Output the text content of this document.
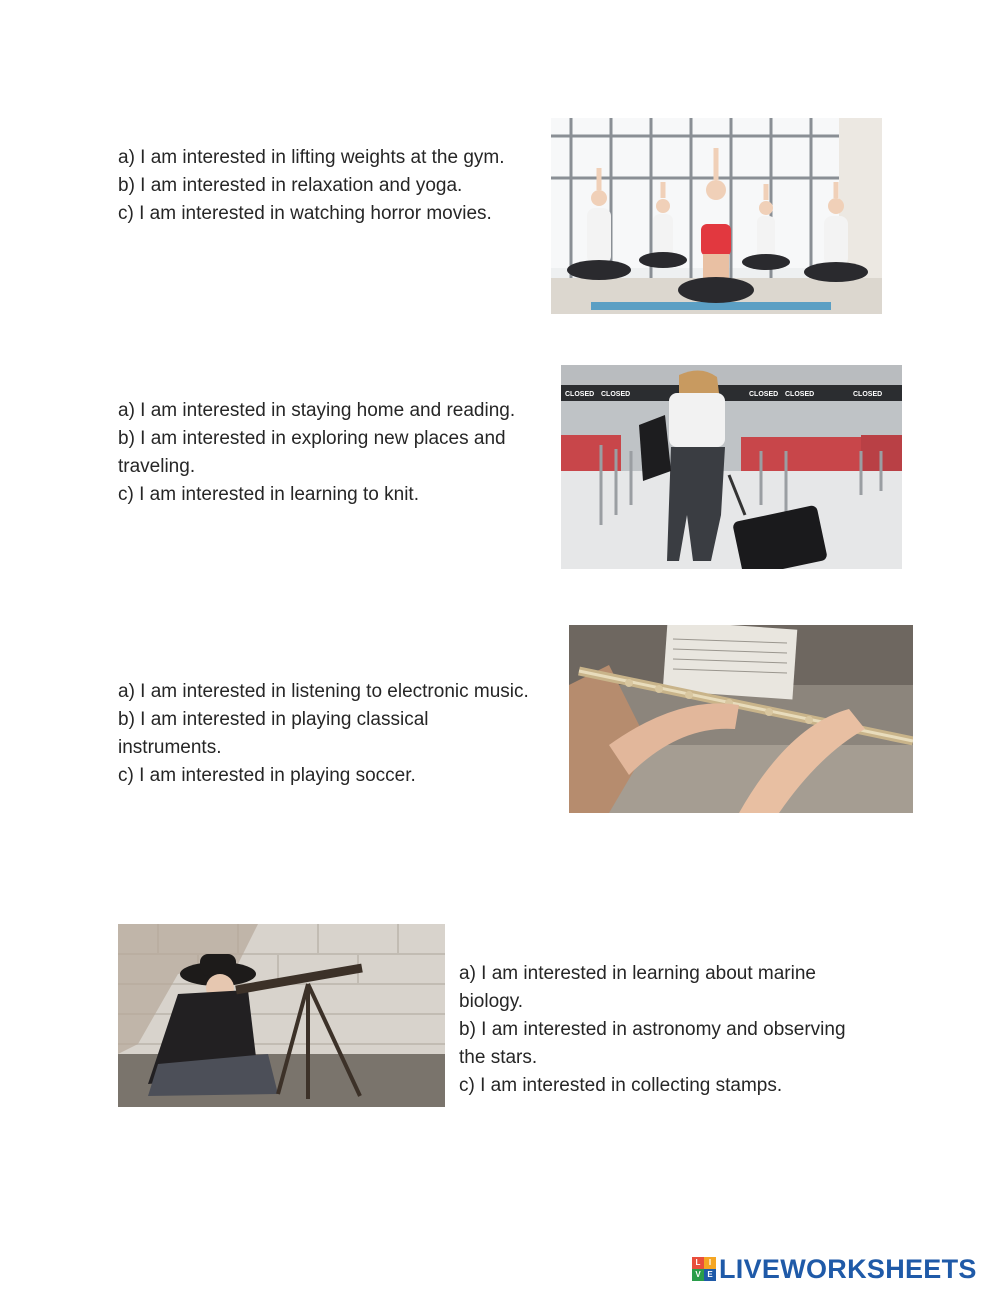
a) I am interested in lifting weights at the gym.
b) I am interested in relaxation and yoga.
c) I am interested in watching horror movies.
a) I am interested in staying home and reading.
b) I am interested in exploring new places and
traveling.
c) I am interested in learning to knit.
CLOSED CLOSED	CLOSED CLOSED	CLOSED
a) I am interested in listening to electronic music.
b) I am interested in playing classical
instruments.
c) I am interested in playing soccer.
a) I am interested in learning about marine
biology.
b) I am interested in astronomy and observing
the stars.
c) I am interested in collecting stamps.
L	I
V E LIVEWORKSHEETS
